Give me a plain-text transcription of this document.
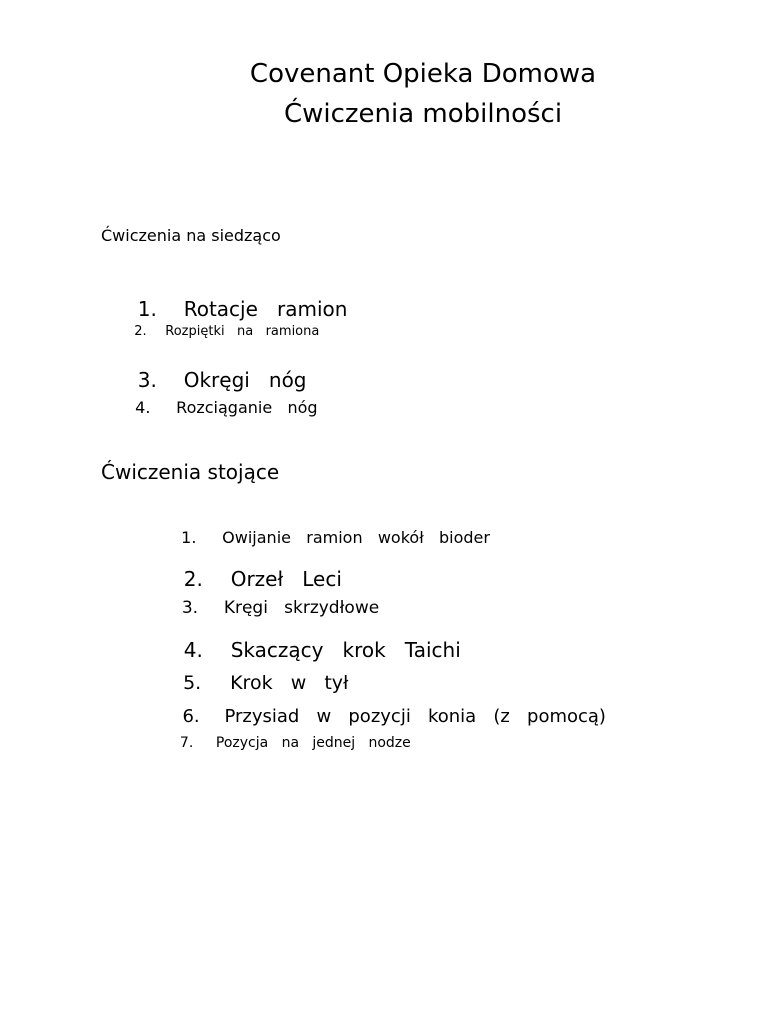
Covenant Opieka Domowa
Ćwiczenia mobilności
Ćwiczenia na siedząco

1. Rotacje   ramion

2. Rozpiętki   na   ramiona

3. Okręgi   nóg

4. Rozciąganie   nóg

Ćwiczenia stojące

1. Owijanie   ramion   wokół   bioder

2. Orzeł   Leci

3. Kręgi   skrzydłowe

4. Skaczący   krok   Taichi

5. Krok   w   tył

6. Przysiad   w   pozycji   konia   (z   pomocą)

7. Pozycja   na   jednej   nodze
